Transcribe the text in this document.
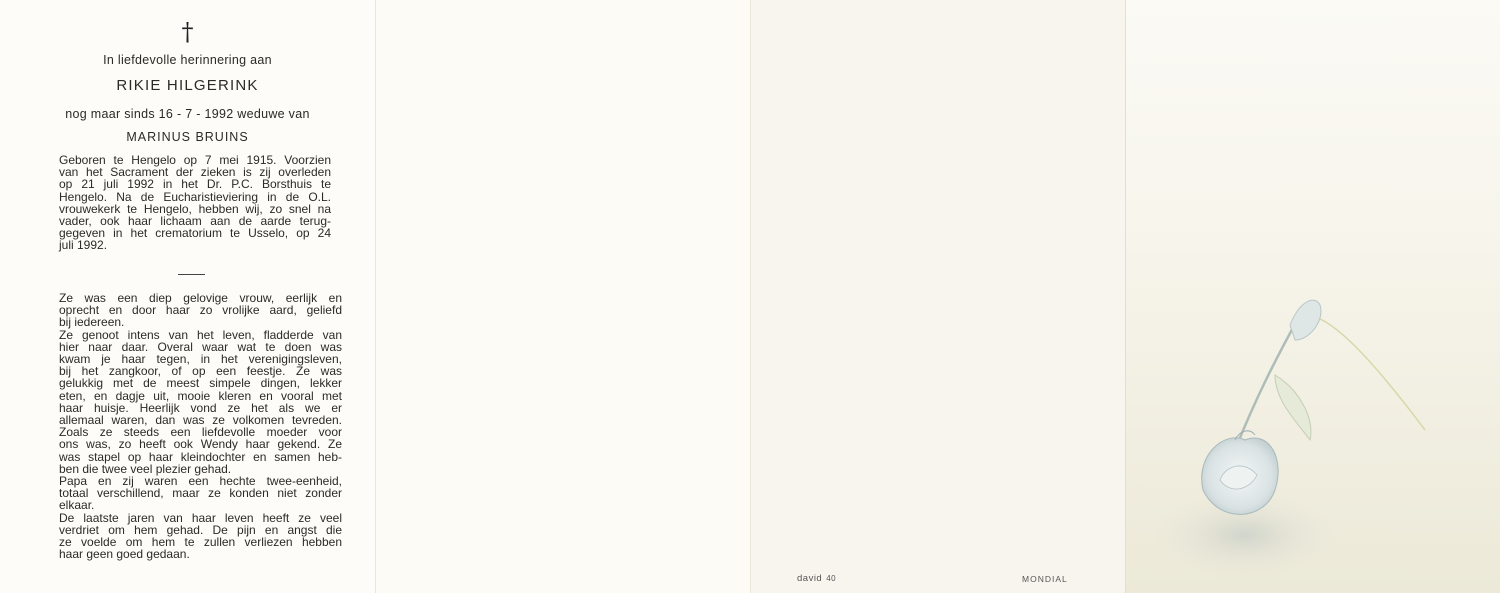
†
In liefdevolle herinnering aan
RIKIE HILGERINK
nog maar sinds 16 - 7 - 1992 weduwe van
MARINUS BRUINS
Geboren te Hengelo op 7 mei 1915. Voorzien
van het Sacrament der zieken is zij overleden
op 21 juli 1992 in het Dr. P.C. Borsthuis te
Hengelo. Na de Eucharistieviering in de O.L.
vrouwekerk te Hengelo, hebben wij, zo snel na
vader, ook haar lichaam aan de aarde terug-
gegeven in het crematorium te Usselo, op 24
juli 1992.
Ze was een diep gelovige vrouw, eerlijk en
oprecht en door haar zo vrolijke aard, geliefd
bij iedereen.
Ze genoot intens van het leven, fladderde van
hier naar daar. Overal waar wat te doen was
kwam je haar tegen, in het verenigingsleven,
bij het zangkoor, of op een feestje. Ze was
gelukkig met de meest simpele dingen, lekker
eten, en dagje uit, mooie kleren en vooral met
haar huisje. Heerlijk vond ze het als we er
allemaal waren, dan was ze volkomen tevreden.
Zoals ze steeds een liefdevolle moeder voor
ons was, zo heeft ook Wendy haar gekend. Ze
was stapel op haar kleindochter en samen heb-
ben die twee veel plezier gehad.
Papa en zij waren een hechte twee-eenheid,
totaal verschillend, maar ze konden niet zonder
elkaar.
De laatste jaren van haar leven heeft ze veel
verdriet om hem gehad. De pijn en angst die
ze voelde om hem te zullen verliezen hebben
haar geen goed gedaan.
david 40	MONDIAL
